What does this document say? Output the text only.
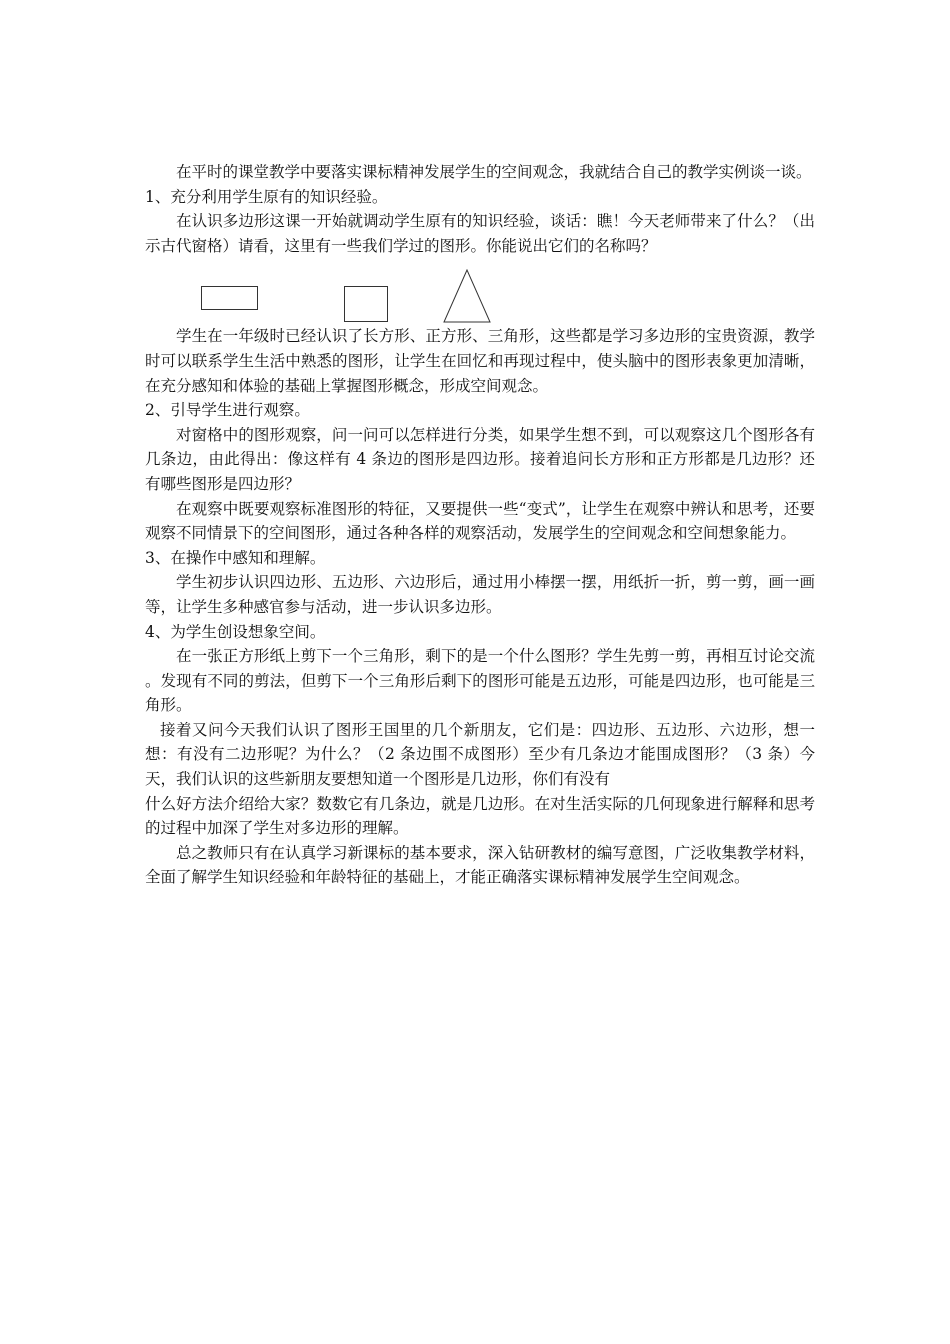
在平时的课堂教学中要落实课标精神发展学生的空间观念，我就结合自己的教学实例谈一谈。

1、充分利用学生原有的知识经验。

在认识多边形这课一开始就调动学生原有的知识经验，谈话：瞧！今天老师带来了什么？（出示古代窗格）请看，这里有一些我们学过的图形。你能说出它们的名称吗？

学生在一年级时已经认识了长方形、正方形、三角形，这些都是学习多边形的宝贵资源，教学时可以联系学生生活中熟悉的图形，让学生在回忆和再现过程中，使头脑中的图形表象更加清晰，在充分感知和体验的基础上掌握图形概念，形成空间观念。

2、引导学生进行观察。

对窗格中的图形观察，问一问可以怎样进行分类，如果学生想不到，可以观察这几个图形各有几条边，由此得出：像这样有 4 条边的图形是四边形。接着追问长方形和正方形都是几边形？还有哪些图形是四边形？

在观察中既要观察标准图形的特征，又要提供一些“变式”，让学生在观察中辨认和思考，还要观察不同情景下的空间图形，通过各种各样的观察活动，发展学生的空间观念和空间想象能力。

3、在操作中感知和理解。

学生初步认识四边形、五边形、六边形后，通过用小棒摆一摆，用纸折一折，剪一剪，画一画等，让学生多种感官参与活动，进一步认识多边形。

4、为学生创设想象空间。

在一张正方形纸上剪下一个三角形，剩下的是一个什么图形？学生先剪一剪，再相互讨论交流 。发现有不同的剪法，但剪下一个三角形后剩下的图形可能是五边形，可能是四边形，也可能是三角形。

接着又问今天我们认识了图形王国里的几个新朋友，它们是：四边形、五边形、六边形，想一想：有没有二边形呢？为什么？（2 条边围不成图形）至少有几条边才能围成图形？（3 条）今天，我们认识的这些新朋友要想知道一个图形是几边形，你们有没有

什么好方法介绍给大家？数数它有几条边，就是几边形。在对生活实际的几何现象进行解释和思考的过程中加深了学生对多边形的理解。

总之教师只有在认真学习新课标的基本要求，深入钻研教材的编写意图，广泛收集教学材料，全面了解学生知识经验和年龄特征的基础上，才能正确落实课标精神发展学生空间观念。
